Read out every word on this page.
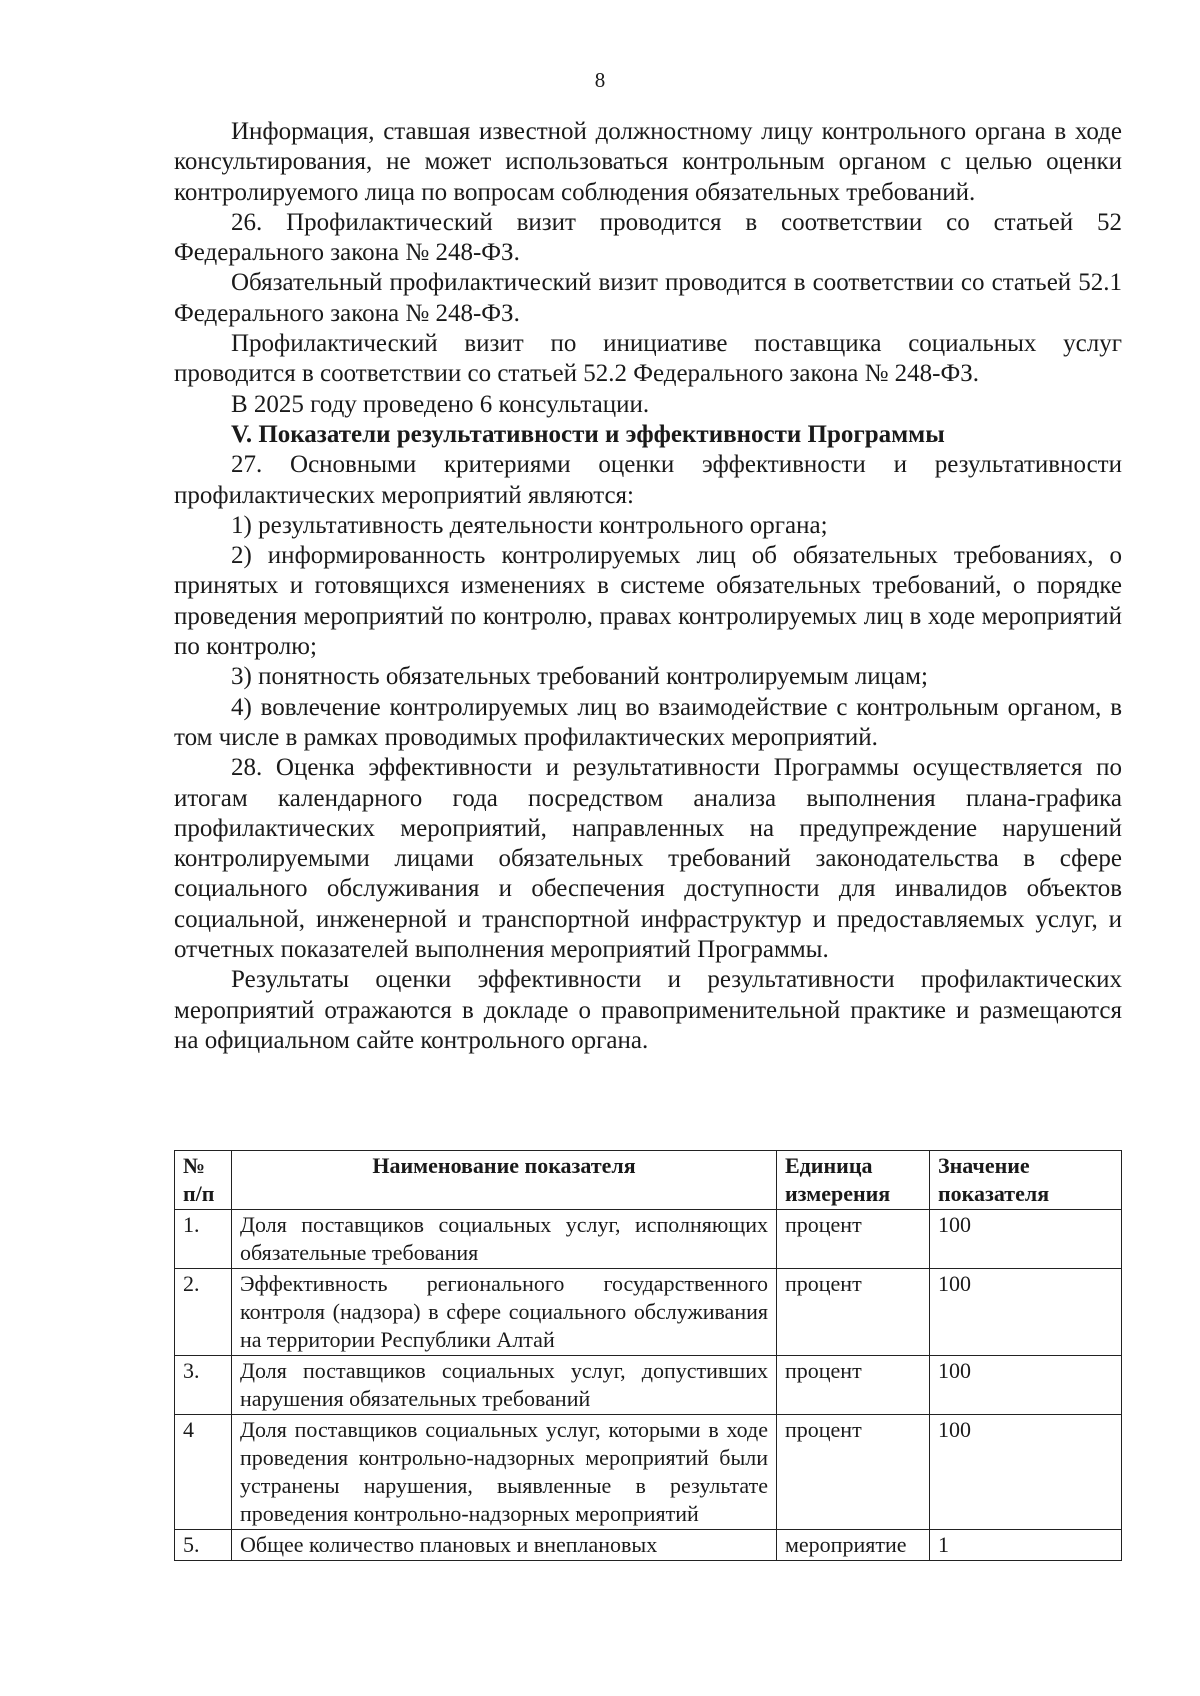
8

Информация, ставшая известной должностному лицу контрольного органа в ходе консультирования, не может использоваться контрольным органом с целью оценки контролируемого лица по вопросам соблюдения обязательных требований.

26. Профилактический визит проводится в соответствии со статьей 52 Федерального закона № 248-ФЗ.

Обязательный профилактический визит проводится в соответствии со статьей 52.1 Федерального закона № 248-ФЗ.

Профилактический визит по инициативе поставщика социальных услуг проводится в соответствии со статьей 52.2 Федерального закона № 248-ФЗ.

В 2025 году проведено 6 консультации.

V. Показатели результативности и эффективности Программы

27. Основными критериями оценки эффективности и результативности профилактических мероприятий являются:

1) результативность деятельности контрольного органа;

2) информированность контролируемых лиц об обязательных требованиях, о принятых и готовящихся изменениях в системе обязательных требований, о порядке проведения мероприятий по контролю, правах контролируемых лиц в ходе мероприятий по контролю;

3) понятность обязательных требований контролируемым лицам;

4) вовлечение контролируемых лиц во взаимодействие с контрольным органом, в том числе в рамках проводимых профилактических мероприятий.

28. Оценка эффективности и результативности Программы осуществляется по итогам календарного года посредством анализа выполнения плана-графика профилактических мероприятий, направленных на предупреждение нарушений контролируемыми лицами обязательных требований законодательства в сфере социального обслуживания и обеспечения доступности для инвалидов объектов социальной, инженерной и транспортной инфраструктур и предоставляемых услуг, и отчетных показателей выполнения мероприятий Программы.

Результаты оценки эффективности и результативности профилактических мероприятий отражаются в докладе о правоприменительной практике и размещаются на официальном сайте контрольного органа.

№ п/п	Наименование показателя	Единица измерения	Значение показателя
1.	Доля поставщиков социальных услуг, исполняющих обязательные требования	процент	100
2.	Эффективность регионального государственного контроля (надзора) в сфере социального обслуживания на территории Республики Алтай	процент	100
3.	Доля поставщиков социальных услуг, допустивших нарушения обязательных требований	процент	100
4	Доля поставщиков социальных услуг, которыми в ходе проведения контрольно-надзорных мероприятий были устранены нарушения, выявленные в результате проведения контрольно-надзорных мероприятий	процент	100
5.	Общее количество плановых и внеплановых	мероприятие	1
